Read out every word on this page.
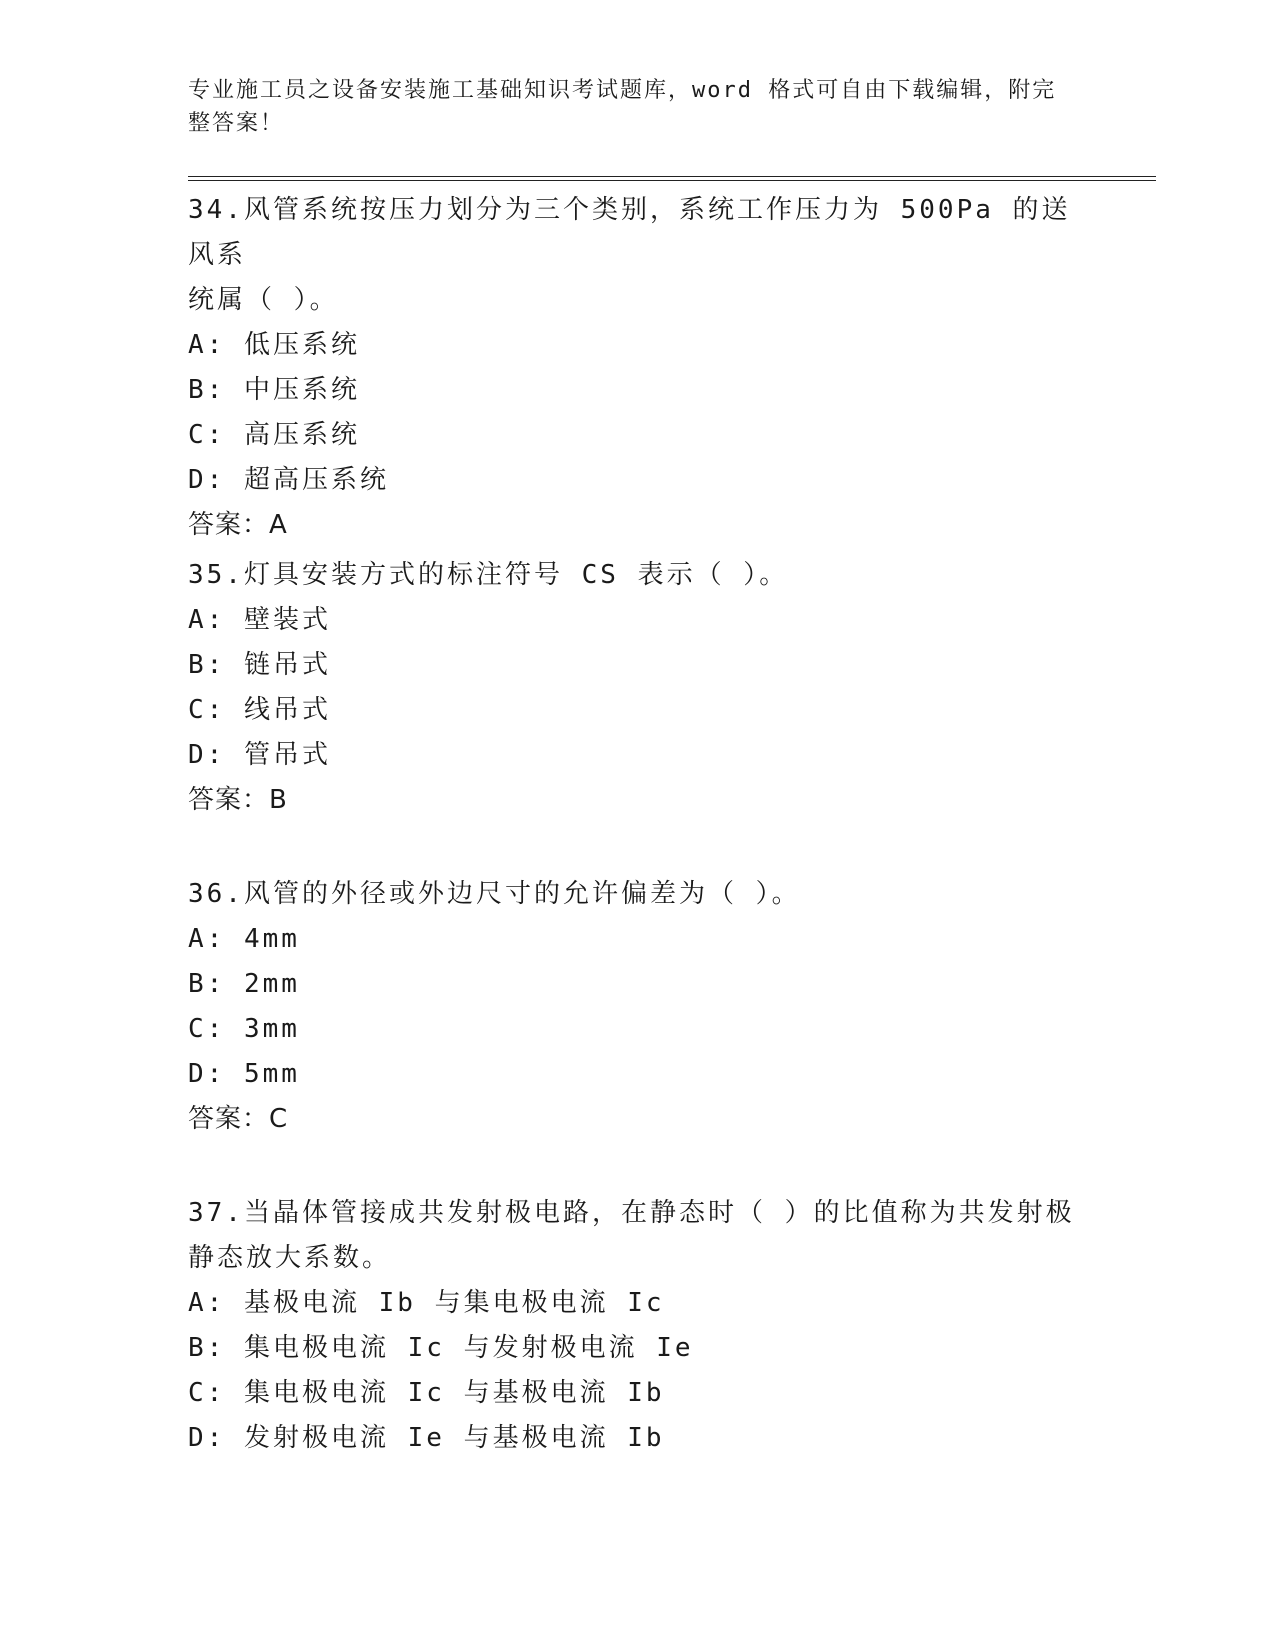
专业施工员之设备安装施工基础知识考试题库，word 格式可自由下载编辑，附完
整答案！

34.风管系统按压力划分为三个类别，系统工作压力为 500Pa 的送风系

统属（ ）。

A: 低压系统

B: 中压系统

C: 高压系统

D: 超高压系统

答案：A

35.灯具安装方式的标注符号 CS 表示（ ）。

A: 壁装式

B: 链吊式

C: 线吊式

D: 管吊式

答案：B

36.风管的外径或外边尺寸的允许偏差为（ ）。

A: 4mm

B: 2mm

C: 3mm

D: 5mm

答案：C

37.当晶体管接成共发射极电路，在静态时（ ）的比值称为共发射极

静态放大系数。

A: 基极电流 Ib 与集电极电流 Ic

B: 集电极电流 Ic 与发射极电流 Ie

C: 集电极电流 Ic 与基极电流 Ib

D: 发射极电流 Ie 与基极电流 Ib
